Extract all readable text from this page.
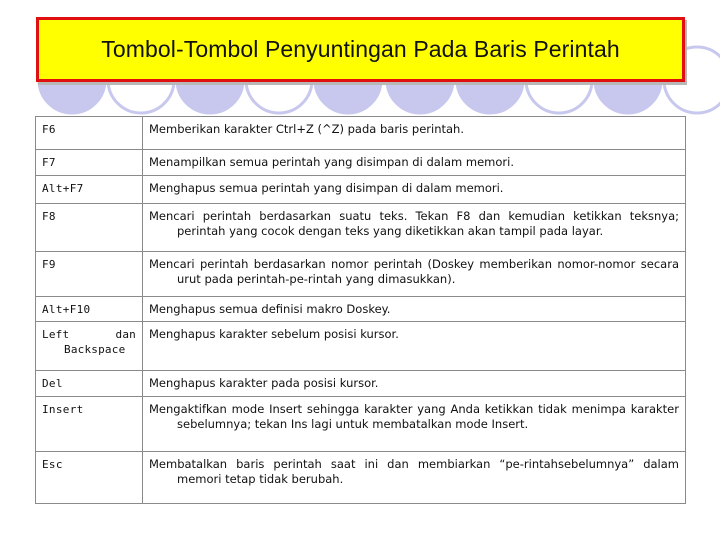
Tombol-Tombol Penyuntingan Pada Baris Perintah
F6	Memberikan karakter Ctrl+Z (^Z) pada baris perintah.
F7	Menampilkan semua perintah yang disimpan di dalam memori.
Alt+F7	Menghapus semua perintah yang disimpan di dalam memori.
F8	Mencari perintah berdasarkan suatu teks. Tekan F8 dan kemudian ketikkan teksnya; perintah yang cocok dengan teks yang diketikkan akan tampil pada layar.

F9	Mencari perintah berdasarkan nomor perintah (Doskey memberikan nomor-nomor secara urut pada perintah-pe-rintah yang dimasukkan).

Alt+F10	Menghapus semua definisi makro Doskey.

Left dan Backspace	Menghapus karakter sebelum posisi kursor.
Del	Menghapus karakter pada posisi kursor.
Insert	Mengaktifkan mode Insert sehingga karakter yang Anda ketikkan tidak menimpa karakter sebelumnya; tekan Ins lagi untuk membatalkan mode Insert.

Esc	Membatalkan baris perintah saat ini dan membiarkan “pe-rintahsebelumnya” dalam memori tetap tidak berubah.
